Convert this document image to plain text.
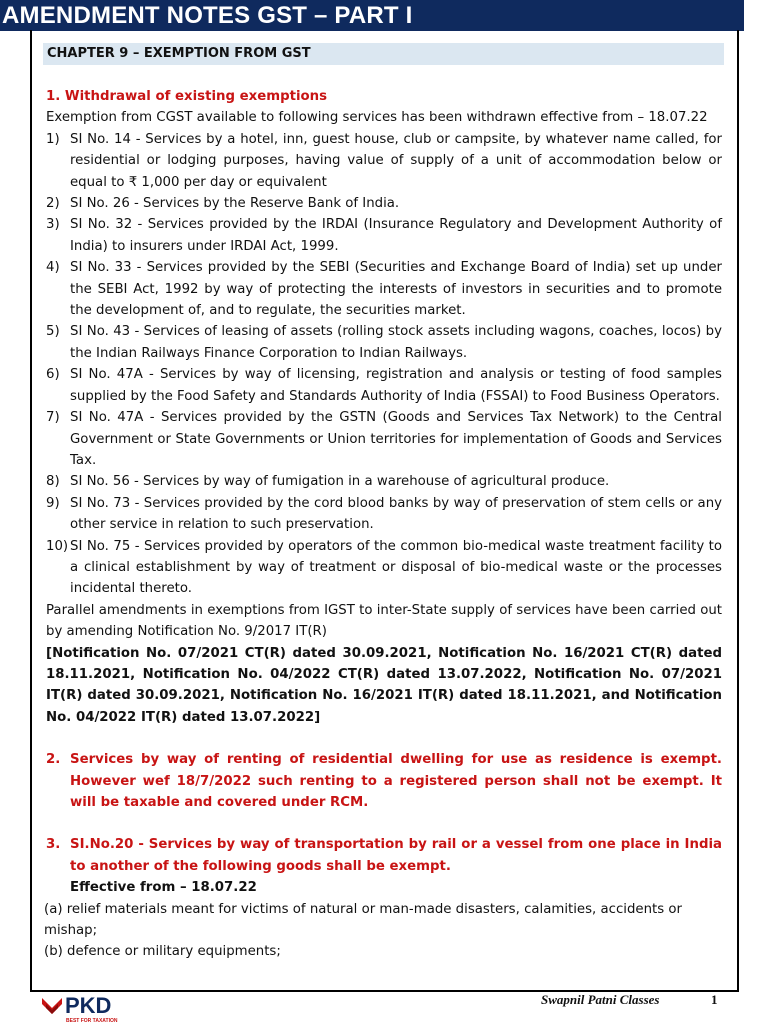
AMENDMENT NOTES GST – PART I
CHAPTER 9 – EXEMPTION FROM GST
1. Withdrawal of existing exemptions
Exemption from CGST available to following services has been withdrawn effective from – 18.07.22
1) SI No. 14 - Services by a hotel, inn, guest house, club or campsite, by whatever name called, for residential or lodging purposes, having value of supply of a unit of accommodation below or equal to ₹ 1,000 per day or equivalent
2) SI No. 26 - Services by the Reserve Bank of India.
3) SI No. 32 - Services provided by the IRDAI (Insurance Regulatory and Development Authority of India) to insurers under IRDAI Act, 1999.
4) SI No. 33 - Services provided by the SEBI (Securities and Exchange Board of India) set up under the SEBI Act, 1992 by way of protecting the interests of investors in securities and to promote the development of, and to regulate, the securities market.
5) SI No. 43 - Services of leasing of assets (rolling stock assets including wagons, coaches, locos) by the Indian Railways Finance Corporation to Indian Railways.
6) SI No. 47A - Services by way of licensing, registration and analysis or testing of food samples supplied by the Food Safety and Standards Authority of India (FSSAI) to Food Business Operators.
7) SI No. 47A - Services provided by the GSTN (Goods and Services Tax Network) to the Central Government or State Governments or Union territories for implementation of Goods and Services Tax.
8) SI No. 56 - Services by way of fumigation in a warehouse of agricultural produce.
9) SI No. 73 - Services provided by the cord blood banks by way of preservation of stem cells or any other service in relation to such preservation.
10) SI No. 75 - Services provided by operators of the common bio-medical waste treatment facility to a clinical establishment by way of treatment or disposal of bio-medical waste or the processes incidental thereto.
Parallel amendments in exemptions from IGST to inter-State supply of services have been carried out by amending Notification No. 9/2017 IT(R)
[Notification No. 07/2021 CT(R) dated 30.09.2021, Notification No. 16/2021 CT(R) dated 18.11.2021, Notification No. 04/2022 CT(R) dated 13.07.2022, Notification No. 07/2021 IT(R) dated 30.09.2021, Notification No. 16/2021 IT(R) dated 18.11.2021, and Notification No. 04/2022 IT(R) dated 13.07.2022]
2. Services by way of renting of residential dwelling for use as residence is exempt. However wef 18/7/2022 such renting to a registered person shall not be exempt. It will be taxable and covered under RCM.
3. SI.No.20 - Services by way of transportation by rail or a vessel from one place in India to another of the following goods shall be exempt.
Effective from – 18.07.22
(a) relief materials meant for victims of natural or man-made disasters, calamities, accidents or mishap;
(b) defence or military equipments;
PKD
BEST FOR TAXATION
Swapnil Patni Classes	1
